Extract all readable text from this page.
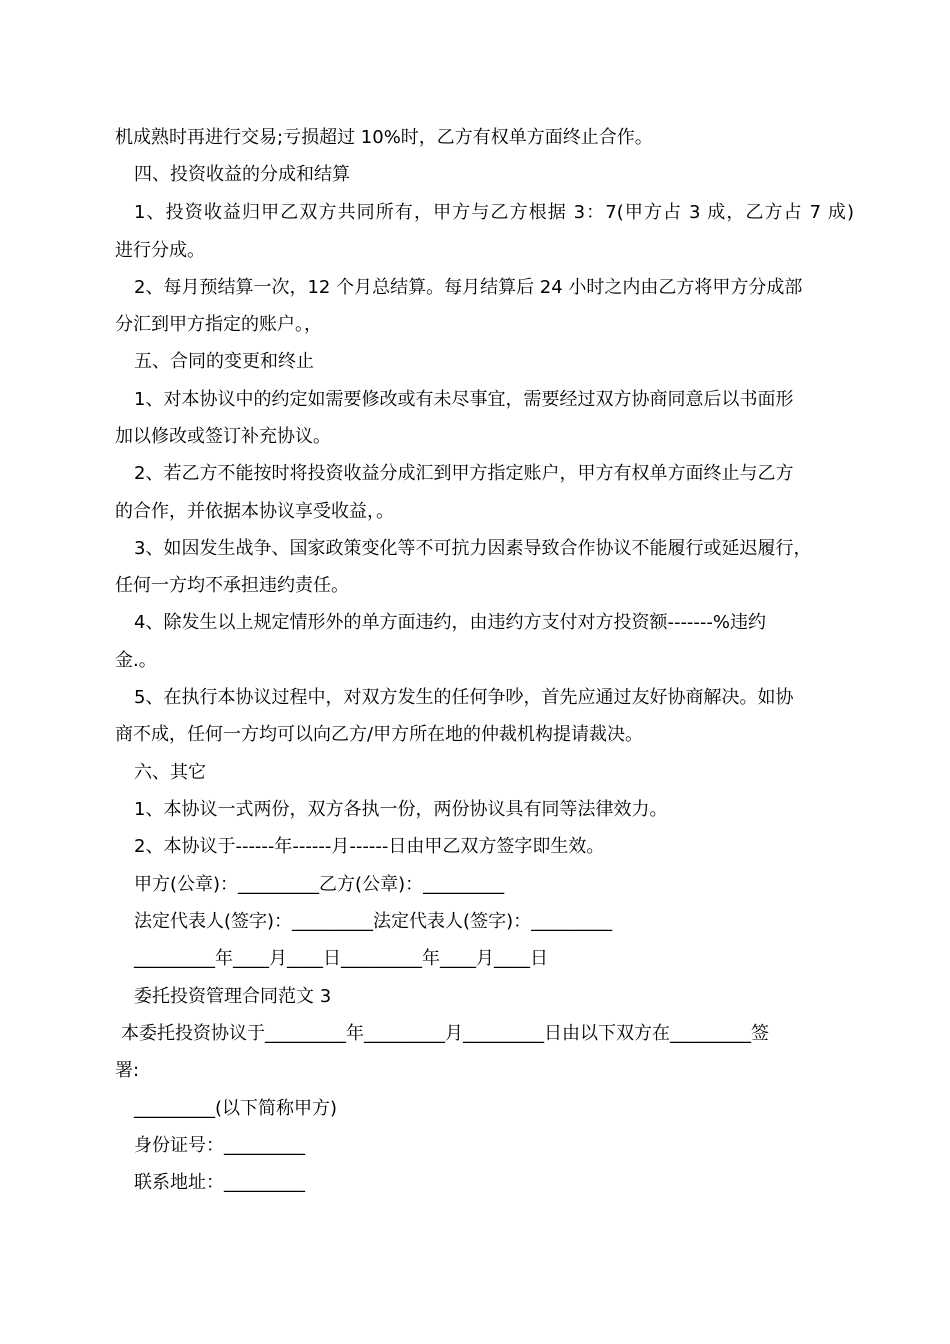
机成熟时再进行交易;亏损超过 10%时，乙方有权单方面终止合作。
四、投资收益的分成和结算
1、投资收益归甲乙双方共同所有，甲方与乙方根据 3：7(甲方占 3 成，乙方占 7 成)
进行分成。
2、每月预结算一次，12 个月总结算。每月结算后 24 小时之内由乙方将甲方分成部
分汇到甲方指定的账户。，
五、合同的变更和终止
1、对本协议中的约定如需要修改或有未尽事宜，需要经过双方协商同意后以书面形
加以修改或签订补充协议。
2、若乙方不能按时将投资收益分成汇到甲方指定账户，甲方有权单方面终止与乙方
的合作，并依据本协议享受收益，。
3、如因发生战争、国家政策变化等不可抗力因素导致合作协议不能履行或延迟履行，
任何一方均不承担违约责任。
4、除发生以上规定情形外的单方面违约，由违约方支付对方投资额-------%违约
金.。
5、在执行本协议过程中，对双方发生的任何争吵，首先应通过友好协商解决。如协
商不成，任何一方均可以向乙方/甲方所在地的仲裁机构提请裁决。
六、其它
1、本协议一式两份，双方各执一份，两份协议具有同等法律效力。
2、本协议于------年------月------日由甲乙双方签字即生效。
甲方(公章)：_________乙方(公章)：_________
法定代表人(签字)：_________法定代表人(签字)：_________
_________年____月____日_________年____月____日
委托投资管理合同范文 3
本委托投资协议于_________年_________月_________日由以下双方在_________签
署:
_________(以下简称甲方)
身份证号：_________
联系地址：_________
